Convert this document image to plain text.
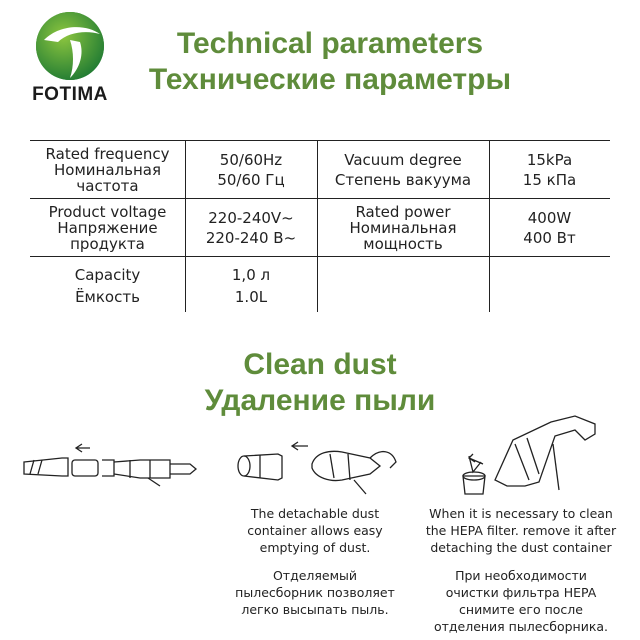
FOTIMA
Technical parameters
Технические параметры
Rated frequency
Номинальная
частота
50/60Hz
50/60 Гц
Vacuum degree
Степень вакуума
15kPa
15 кПа
Product voltage
Напряжение
продукта
220-240V~
220-240 В~
Rated power
Номинальная
мощность
400W
400 Вт
Capacity
Ёмкость
1,0 л
1.0L
Clean dust
Удаление пыли
The detachable dust
container allows easy
emptying of dust.
Отделяемый
пылесборник позволяет
легко высыпать пыль.
When it is necessary to clean
the HEPA filter. remove it after
detaching the dust container
При необходимости
очистки фильтра HEPA
снимите его после
отделения пылесборника.
